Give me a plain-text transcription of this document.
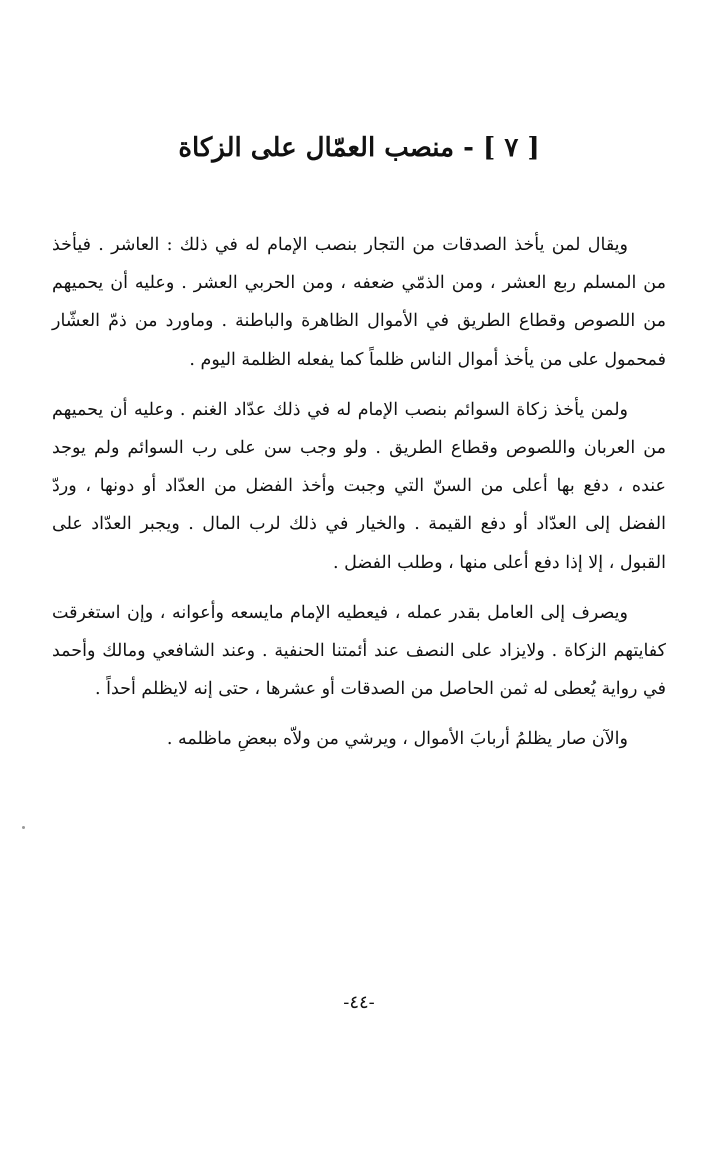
[ ٧ ] - منصب العمّال على الزكاة

ويقال لمن يأخذ الصدقات من التجار بنصب الإمام له في ذلك : العاشر . فيأخذ من المسلم ربع العشر ، ومن الذمّي ضعفه ، ومن الحربي العشر . وعليه أن يحميهم من اللصوص وقطاع الطريق في الأموال الظاهرة والباطنة . وماورد من ذمّ العشّار فمحمول على من يأخذ أموال الناس ظلماً كما يفعله الظلمة اليوم .

ولمن يأخذ زكاة السوائم بنصب الإمام له في ذلك عدّاد الغنم . وعليه أن يحميهم من العربان واللصوص وقطاع الطريق . ولو وجب سن على رب السوائم ولم يوجد عنده ، دفع بها أعلى من السنّ التي وجبت وأخذ الفضل من العدّاد أو دونها ، وردّ الفضل إلى العدّاد أو دفع القيمة . والخيار في ذلك لرب المال . ويجبر العدّاد على القبول ، إلا إذا دفع أعلى منها ، وطلب الفضل .

ويصرف إلى العامل بقدر عمله ، فيعطيه الإمام مايسعه وأعوانه ، وإن استغرقت كفايتهم الزكاة . ولايزاد على النصف عند أئمتنا الحنفية . وعند الشافعي ومالك وأحمد في رواية يُعطى له ثمن الحاصل من الصدقات أو عشرها ، حتى إنه لايظلم أحداً .

والآن صار يظلمُ أربابَ الأموال ، ويرشي من ولاّه ببعضِ ماظلمه .

-٤٤-
